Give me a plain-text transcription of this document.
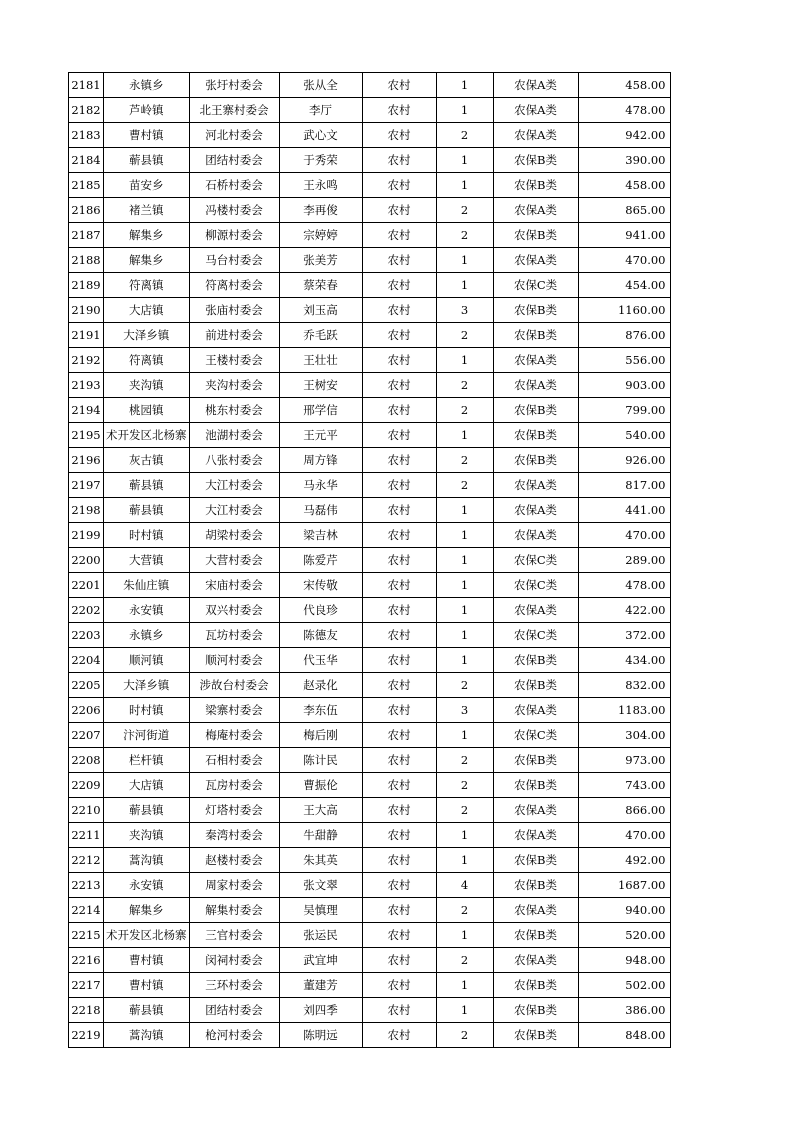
2181	永镇乡	张圩村委会	张从全	农村	1	农保A类	458.00
2182	芦岭镇	北王寨村委会	李厅	农村	1	农保A类	478.00
2183	曹村镇	河北村委会	武心文	农村	2	农保A类	942.00
2184	蕲县镇	团结村委会	于秀荣	农村	1	农保B类	390.00
2185	苗安乡	石桥村委会	王永鸣	农村	1	农保B类	458.00
2186	褚兰镇	冯楼村委会	李再俊	农村	2	农保A类	865.00
2187	解集乡	柳源村委会	宗婷婷	农村	2	农保B类	941.00
2188	解集乡	马台村委会	张美芳	农村	1	农保A类	470.00
2189	符离镇	符离村委会	蔡荣春	农村	1	农保C类	454.00
2190	大店镇	张庙村委会	刘玉高	农村	3	农保B类	1160.00
2191	大泽乡镇	前进村委会	乔毛跃	农村	2	农保B类	876.00
2192	符离镇	王楼村委会	王壮壮	农村	1	农保A类	556.00
2193	夹沟镇	夹沟村委会	王树安	农村	2	农保A类	903.00
2194	桃园镇	桃东村委会	邢学信	农村	2	农保B类	799.00
2195	术开发区北杨寨	池湖村委会	王元平	农村	1	农保B类	540.00
2196	灰古镇	八张村委会	周方锋	农村	2	农保B类	926.00
2197	蕲县镇	大江村委会	马永华	农村	2	农保A类	817.00
2198	蕲县镇	大江村委会	马磊伟	农村	1	农保A类	441.00
2199	时村镇	胡梁村委会	梁吉林	农村	1	农保A类	470.00
2200	大营镇	大营村委会	陈爱芹	农村	1	农保C类	289.00
2201	朱仙庄镇	宋庙村委会	宋传敬	农村	1	农保C类	478.00
2202	永安镇	双兴村委会	代良珍	农村	1	农保A类	422.00
2203	永镇乡	瓦坊村委会	陈德友	农村	1	农保C类	372.00
2204	顺河镇	顺河村委会	代玉华	农村	1	农保B类	434.00
2205	大泽乡镇	涉故台村委会	赵录化	农村	2	农保B类	832.00
2206	时村镇	梁寨村委会	李东伍	农村	3	农保A类	1183.00
2207	汴河街道	梅庵村委会	梅后刚	农村	1	农保C类	304.00
2208	栏杆镇	石相村委会	陈计民	农村	2	农保B类	973.00
2209	大店镇	瓦房村委会	曹振伦	农村	2	农保B类	743.00
2210	蕲县镇	灯塔村委会	王大高	农村	2	农保A类	866.00
2211	夹沟镇	秦湾村委会	牛甜静	农村	1	农保A类	470.00
2212	蒿沟镇	赵楼村委会	朱其英	农村	1	农保B类	492.00
2213	永安镇	周家村委会	张文翠	农村	4	农保B类	1687.00
2214	解集乡	解集村委会	吴慎理	农村	2	农保A类	940.00
2215	术开发区北杨寨	三官村委会	张运民	农村	1	农保B类	520.00
2216	曹村镇	闵祠村委会	武宜坤	农村	2	农保A类	948.00
2217	曹村镇	三环村委会	董建芳	农村	1	农保B类	502.00
2218	蕲县镇	团结村委会	刘四季	农村	1	农保B类	386.00
2219	蒿沟镇	枪河村委会	陈明远	农村	2	农保B类	848.00
